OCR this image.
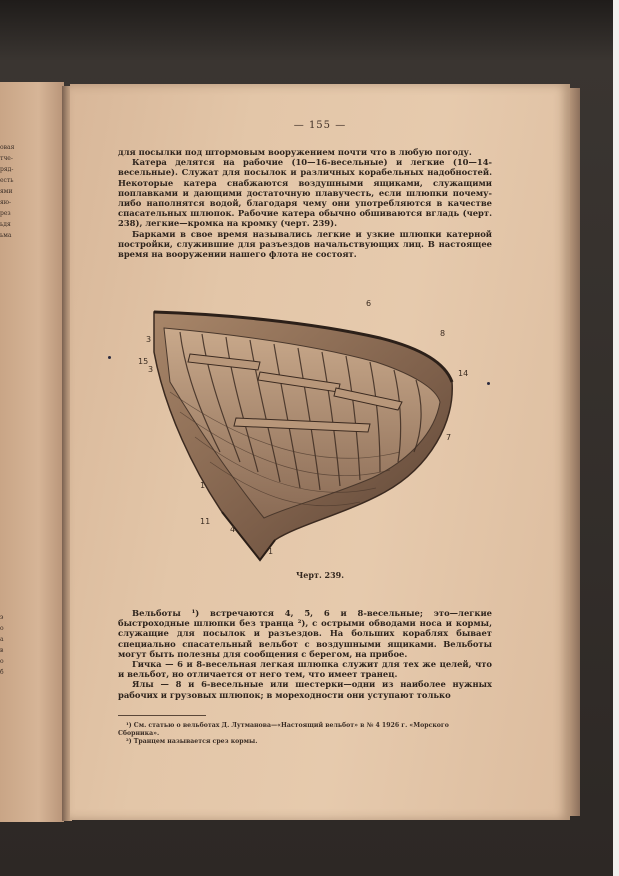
овая
тче-
ряд-
есть
ями
яю-
рез
ьдя
ьма
э
о
а
в
о
б
— 155 —

для посылки под штормовым вооружением почти что в любую погоду.

Катера делятся на рабочие (10—16-весельные) и легкие (10—14-весельные). Служат для посылок и различных корабельных надобностей. Некоторые катера снабжаются воздушными ящиками, служащими поплавками и дающими достаточную плавучесть, если шлюпки почему-либо наполнятся водой, благодаря чему они употребляются в качестве спасательных шлюпок. Рабочие катера обычно обшиваются вгладь (черт. 238), легкие—кромка на кромку (черт. 239).

Барками в свое время назывались легкие и узкие шлюпки катерной постройки, служившие для разъездов начальствующих лиц. В настоящее время на вооружении нашего флота не состоят.

6
8
3
15
3	14
7
1
11
4
1
Черт. 239.

Вельботы ¹) встречаются 4, 5, 6 и 8-весельные; это—легкие быстроходные шлюпки без транца ²), с острыми обводами носа и кормы, служащие для посылок и разъездов. На больших кораблях бывает специально спасательный вельбот с воздушными ящиками. Вельботы могут быть полезны для сообщения с берегом, на прибое.

Гичка — 6 и 8-весельная легкая шлюпка служит для тех же целей, что и вельбот, но отличается от него тем, что имеет транец.

Ялы — 8 и 6-весельные или шестерки—одни из наиболее нужных рабочих и грузовых шлюпок; в мореходности они уступают только

¹) См. статью о вельботах Д. Лутманова—«Настоящий вельбот» в № 4 1926 г. «Морского Сборника».

²) Транцем называется срез кормы.
